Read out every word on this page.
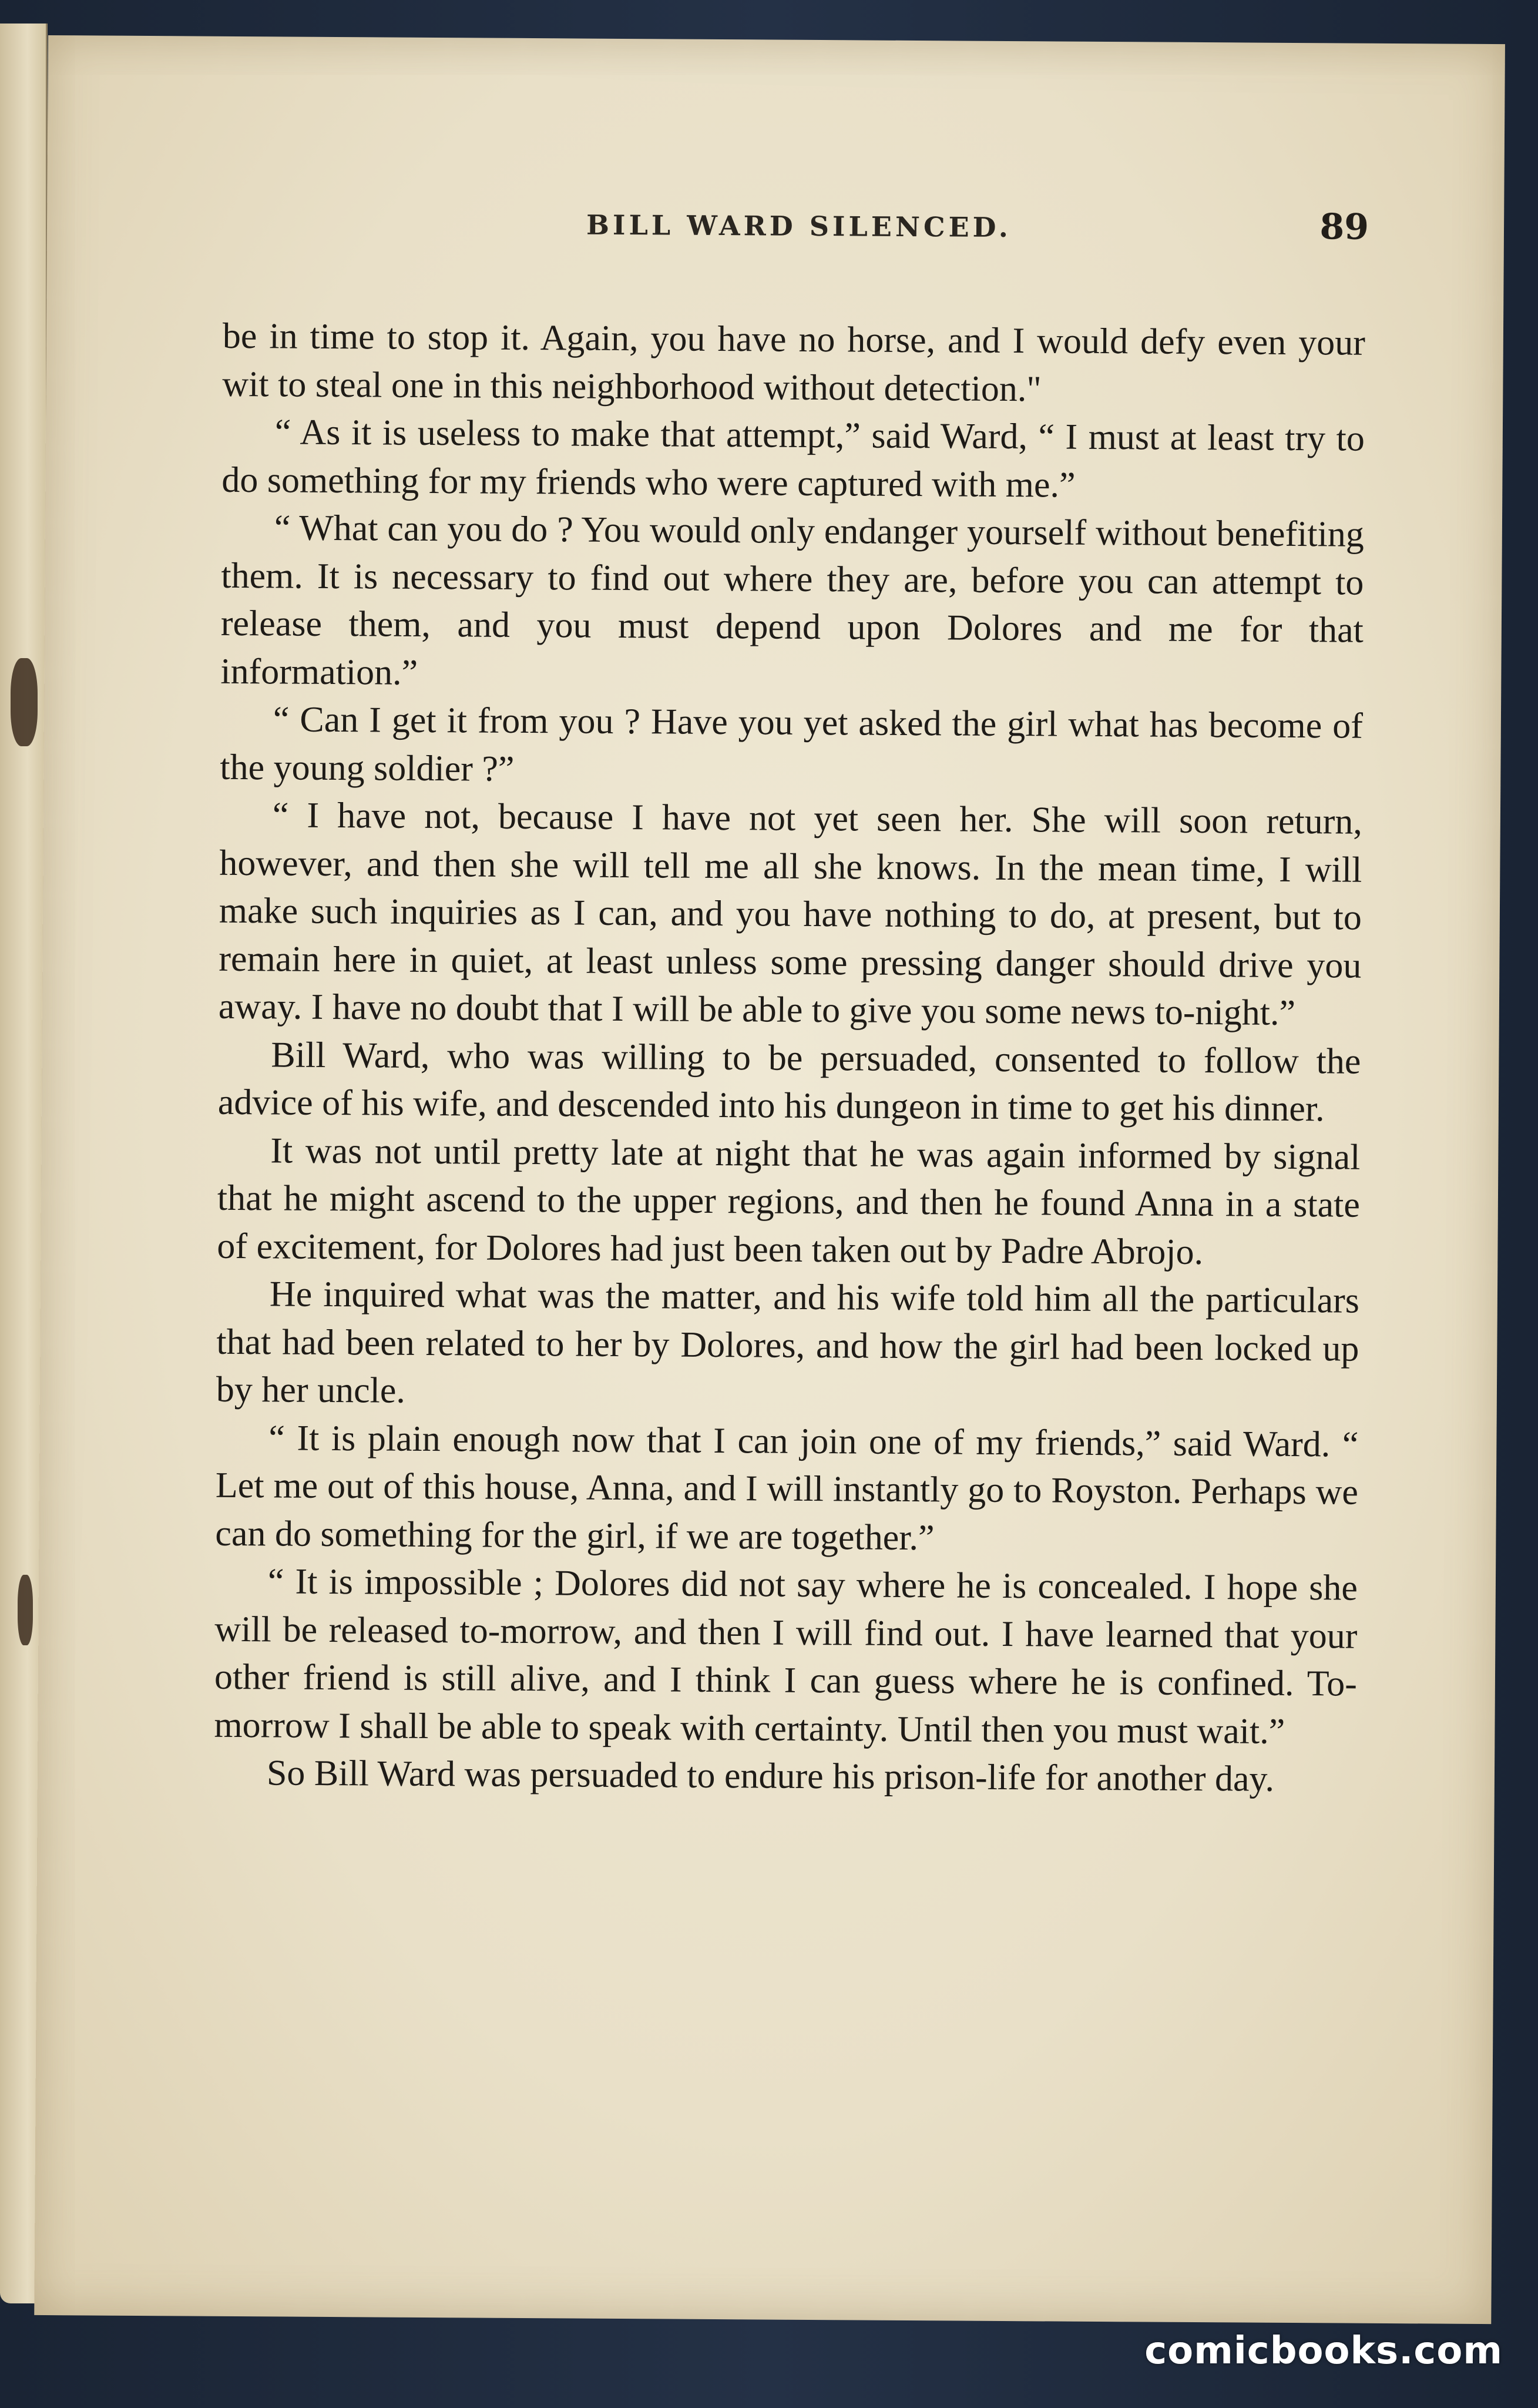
BILL WARD SILENCED.	89

be in time to stop it. Again, you have no horse, and I would defy even your wit to steal one in this neighborhood without detection."

“ As it is useless to make that attempt,” said Ward, “ I must at least try to do something for my friends who were captured with me.”

“ What can you do ? You would only endanger yourself without benefiting them. It is necessary to find out where they are, before you can attempt to release them, and you must depend upon Dolores and me for that information.”

“ Can I get it from you ? Have you yet asked the girl what has become of the young soldier ?”

“ I have not, because I have not yet seen her. She will soon return, however, and then she will tell me all she knows. In the mean time, I will make such inquiries as I can, and you have nothing to do, at present, but to remain here in quiet, at least unless some pressing danger should drive you away. I have no doubt that I will be able to give you some news to-night.”

Bill Ward, who was willing to be persuaded, consented to follow the advice of his wife, and descended into his dungeon in time to get his dinner.

It was not until pretty late at night that he was again informed by signal that he might ascend to the upper regions, and then he found Anna in a state of excitement, for Dolores had just been taken out by Padre Abrojo.

He inquired what was the matter, and his wife told him all the particulars that had been related to her by Dolores, and how the girl had been locked up by her uncle.

“ It is plain enough now that I can join one of my friends,” said Ward. “ Let me out of this house, Anna, and I will instantly go to Royston. Perhaps we can do something for the girl, if we are together.”

“ It is impossible ; Dolores did not say where he is concealed. I hope she will be released to-morrow, and then I will find out. I have learned that your other friend is still alive, and I think I can guess where he is confined. To-morrow I shall be able to speak with certainty. Until then you must wait.”

So Bill Ward was persuaded to endure his prison-life for another day.

comicbooks.com
